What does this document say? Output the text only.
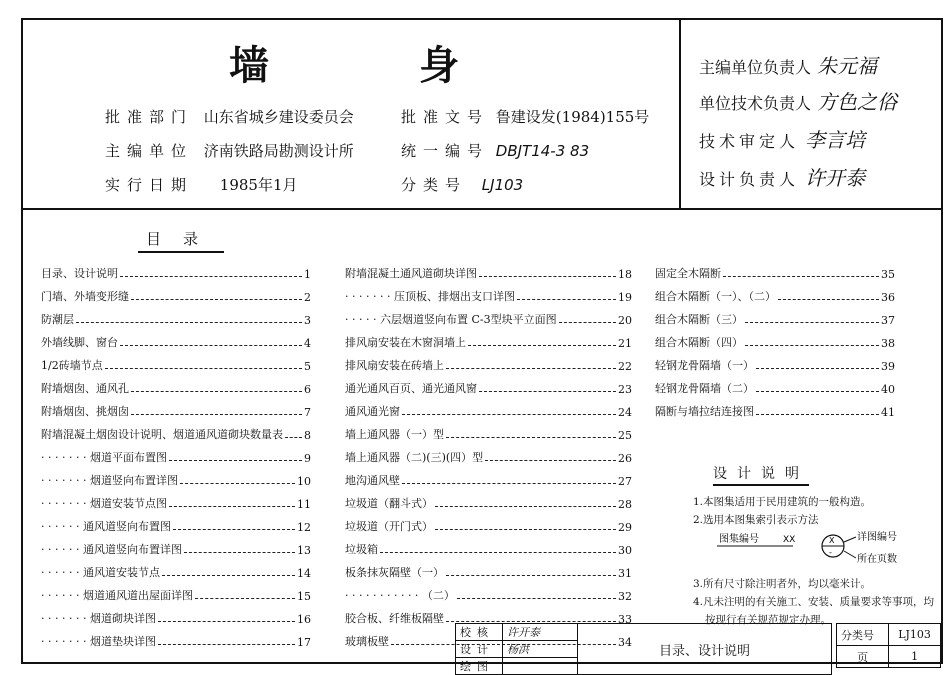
墙	身
批准部门 山东省城乡建设委员会
主编单位 济南铁路局勘测设计所
实行日期 1985年1月
批准文号 鲁建设发(1984)155号
统一编号 DBJT14-3 83
分类号 LJ103
主编单位负责人 朱元福
单位技术负责人 方色之俗
技术审定人 李言培
设计负责人 许开泰
目录
目录、设计说明	1
门墙、外墙变形缝	2
防潮层	3
外墙线脚、窗台	4
1/2砖墙节点	5
附墙烟囱、通风孔	6
附墙烟囱、挑烟囱	7
附墙混凝土烟囱设计说明、烟道通风道砌块数量表 8
· · · · · · · 烟道平面布置图	9
· · · · · · · 烟道竖向布置详图	10
· · · · · · · 烟道安装节点图	11
· · · · · · 通风道竖向布置图	12
· · · · · · 通风道竖向布置详图	13
· · · · · · 通风道安装节点	14
· · · · · · 烟道通风道出屋面详图	15
· · · · · · · 烟道砌块详图	16
· · · · · · · 烟道垫块详图	17
附墙混凝土通风道砌块详图	18
· · · · · · · 压顶板、排烟出支口详图	19
· · · · · 六层烟道竖向布置 C-3型块平立面图	20
排风扇安装在木窗洞墙上	21
排风扇安装在砖墙上	22
通光通风百页、通光通风窗	23
通风通光窗	24
墙上通风器（一）型	25
墙上通风器（二)(三)(四）型	26
地沟通风壁	27
垃圾道（翻斗式）	28
垃圾道（开门式）	29
垃圾箱	30
板条抹灰隔壁（一）	31
· · · · · · · · · · · （二）	32
胶合板、纤维板隔壁	33
玻璃板壁	34
固定全木隔断	35
组合木隔断（一）、（二）	36
组合木隔断（三）	37
组合木隔断（四）	38
轻钢龙骨隔墙（一）	39
轻钢龙骨隔墙（二）	40
隔断与墙拉结连接图	41
设计说明
1.本图集适用于民用建筑的一般构造。
2.选用本图集索引表示方法
图集编号	XX	X
-
详图编号
所在页数
3.所有尺寸除注明者外，均以毫米计。
4.凡未注明的有关施工、安装、质量要求等事项，均
按现行有关规范规定办理。
校核	许开泰	目录、设计说明
设计	杨洪	
绘图		
分类号	LJ103
页	1
